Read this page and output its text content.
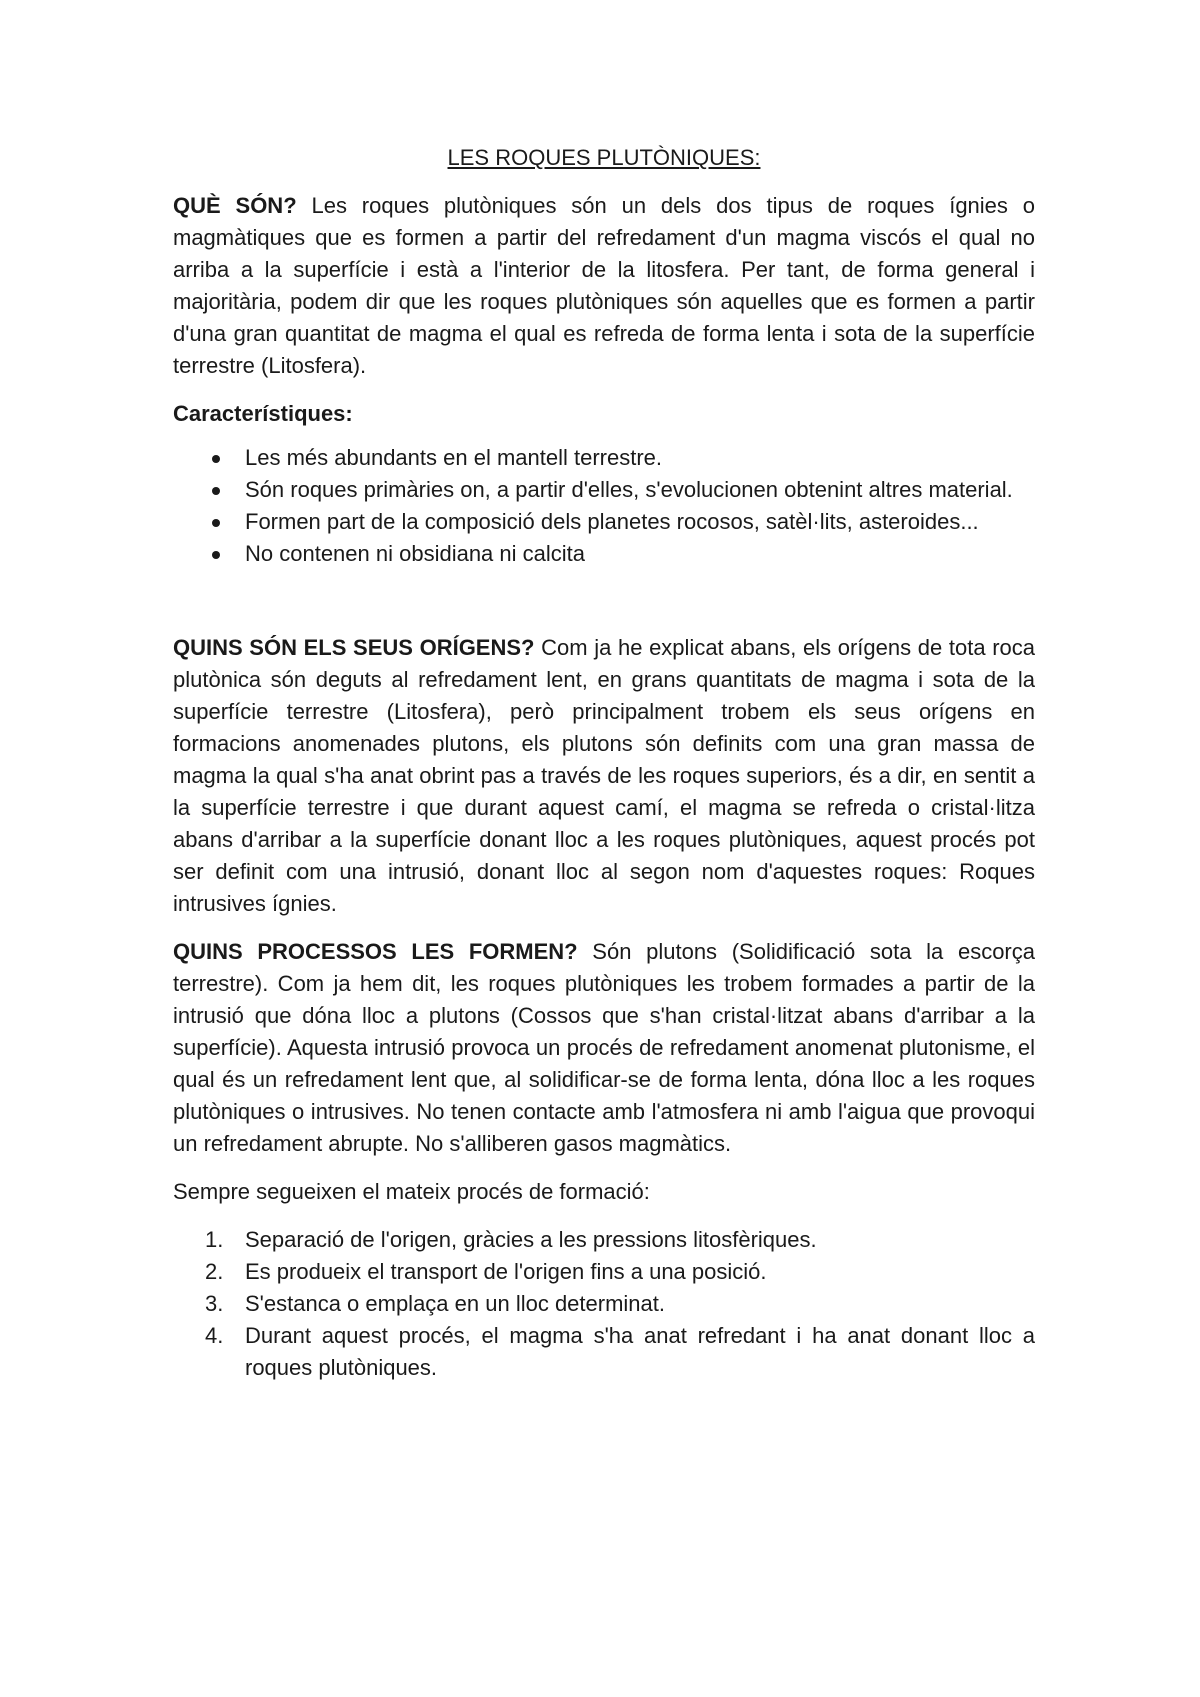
LES ROQUES PLUTÒNIQUES:

QUÈ SÓN? Les roques plutòniques són un dels dos tipus de roques ígnies o magmàtiques que es formen a partir del refredament d'un magma viscós el qual no arriba a la superfície i està a l'interior de la litosfera. Per tant, de forma general i majoritària, podem dir que les roques plutòniques són aquelles que es formen a partir d'una gran quantitat de magma el qual es refreda de forma lenta i sota de la superfície terrestre (Litosfera).

Característiques:
Les més abundants en el mantell terrestre.
Són roques primàries on, a partir d'elles, s'evolucionen obtenint altres material.
Formen part de la composició dels planetes rocosos, satèl·lits, asteroides...
No contenen ni obsidiana ni calcita

QUINS SÓN ELS SEUS ORÍGENS? Com ja he explicat abans, els orígens de tota roca plutònica són deguts al refredament lent, en grans quantitats de magma i sota de la superfície terrestre (Litosfera), però principalment trobem els seus orígens en formacions anomenades plutons, els plutons són definits com una gran massa de magma la qual s'ha anat obrint pas a través de les roques superiors, és a dir, en sentit a la superfície terrestre i que durant aquest camí, el magma se refreda o cristal·litza abans d'arribar a la superfície donant lloc a les roques plutòniques, aquest procés pot ser definit com una intrusió, donant lloc al segon nom d'aquestes roques: Roques intrusives ígnies.

QUINS PROCESSOS LES FORMEN? Són plutons (Solidificació sota la escorça terrestre). Com ja hem dit, les roques plutòniques les trobem formades a partir de la intrusió que dóna lloc a plutons (Cossos que s'han cristal·litzat abans d'arribar a la superfície). Aquesta intrusió provoca un procés de refredament anomenat plutonisme, el qual és un refredament lent que, al solidificar-se de forma lenta, dóna lloc a les roques plutòniques o intrusives. No tenen contacte amb l'atmosfera ni amb l'aigua que provoqui un refredament abrupte. No s'alliberen gasos magmàtics.

Sempre segueixen el mateix procés de formació:

1. Separació de l'origen, gràcies a les pressions litosfèriques.
2. Es produeix el transport de l'origen fins a una posició.
3. S'estanca o emplaça en un lloc determinat.
4. Durant aquest procés, el magma s'ha anat refredant i ha anat donant lloc a roques plutòniques.
